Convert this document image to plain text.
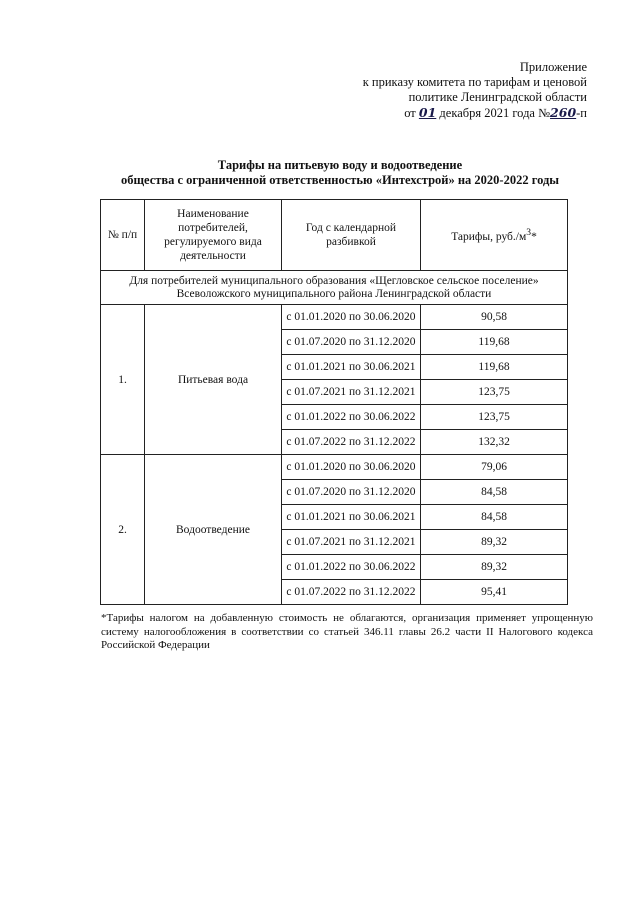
Приложение
к приказу комитета по тарифам и ценовой
политике Ленинградской области
от 01 декабря 2021 года №260-п
Тарифы на питьевую воду и водоотведение
общества с ограниченной ответственностью «Интехстрой» на 2020-2022 годы
№ п/п	Наименование потребителей, регулируемого вида деятельности	Год с календарной разбивкой	Тарифы, $руб./м^3*$

Для потребителей муниципального образования «Щегловское сельское поселение»
Всеволожского муниципального района Ленинградской области			

1.	Питьевая вода	с 01.01.2020 по 30.06.2020	90,58
		с 01.07.2020 по 31.12.2020	119,68
		с 01.01.2021 по 30.06.2021	119,68
		с 01.07.2021 по 31.12.2021	123,75
		с 01.01.2022 по 30.06.2022	123,75
		с 01.07.2022 по 31.12.2022	132,32
2.	Водоотведение	с 01.01.2020 по 30.06.2020	79,06
		с 01.07.2020 по 31.12.2020	84,58
		с 01.01.2021 по 30.06.2021	84,58
		с 01.07.2021 по 31.12.2021	89,32
		с 01.01.2022 по 30.06.2022	89,32
		с 01.07.2022 по 31.12.2022	95,41
*Тарифы налогом на добавленную стоимость не облагаются, организация применяет упрощенную систему налогообложения в соответствии со статьей 346.11 главы 26.2 части II Налогового кодекса Российской Федерации
